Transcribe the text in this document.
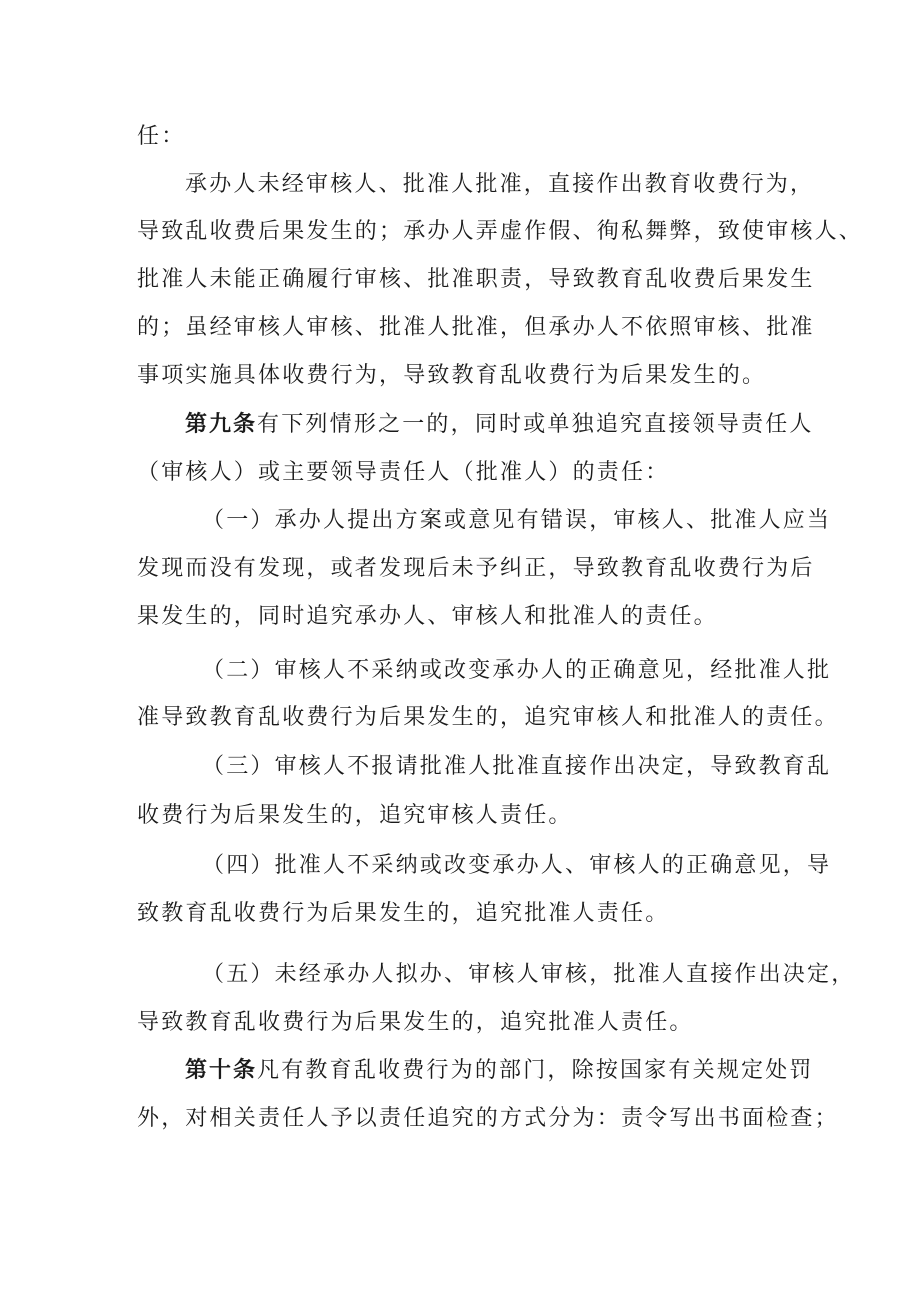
任：
承办人未经审核人、批准人批准，直接作出教育收费行为，
导致乱收费后果发生的；承办人弄虚作假、徇私舞弊，致使审核人、
批准人未能正确履行审核、批准职责，导致教育乱收费后果发生
的；虽经审核人审核、批准人批准，但承办人不依照审核、批准
事项实施具体收费行为，导致教育乱收费行为后果发生的。
第九条有下列情形之一的，同时或单独追究直接领导责任人
（审核人）或主要领导责任人（批准人）的责任：
（一）承办人提出方案或意见有错误，审核人、批准人应当
发现而没有发现，或者发现后未予纠正，导致教育乱收费行为后
果发生的，同时追究承办人、审核人和批准人的责任。
（二）审核人不采纳或改变承办人的正确意见，经批准人批
准导致教育乱收费行为后果发生的，追究审核人和批准人的责任。
（三）审核人不报请批准人批准直接作出决定，导致教育乱
收费行为后果发生的，追究审核人责任。
（四）批准人不采纳或改变承办人、审核人的正确意见，导
致教育乱收费行为后果发生的，追究批准人责任。
（五）未经承办人拟办、审核人审核，批准人直接作出决定，
导致教育乱收费行为后果发生的，追究批准人责任。
第十条凡有教育乱收费行为的部门，除按国家有关规定处罚
外，对相关责任人予以责任追究的方式分为：责令写出书面检查；
